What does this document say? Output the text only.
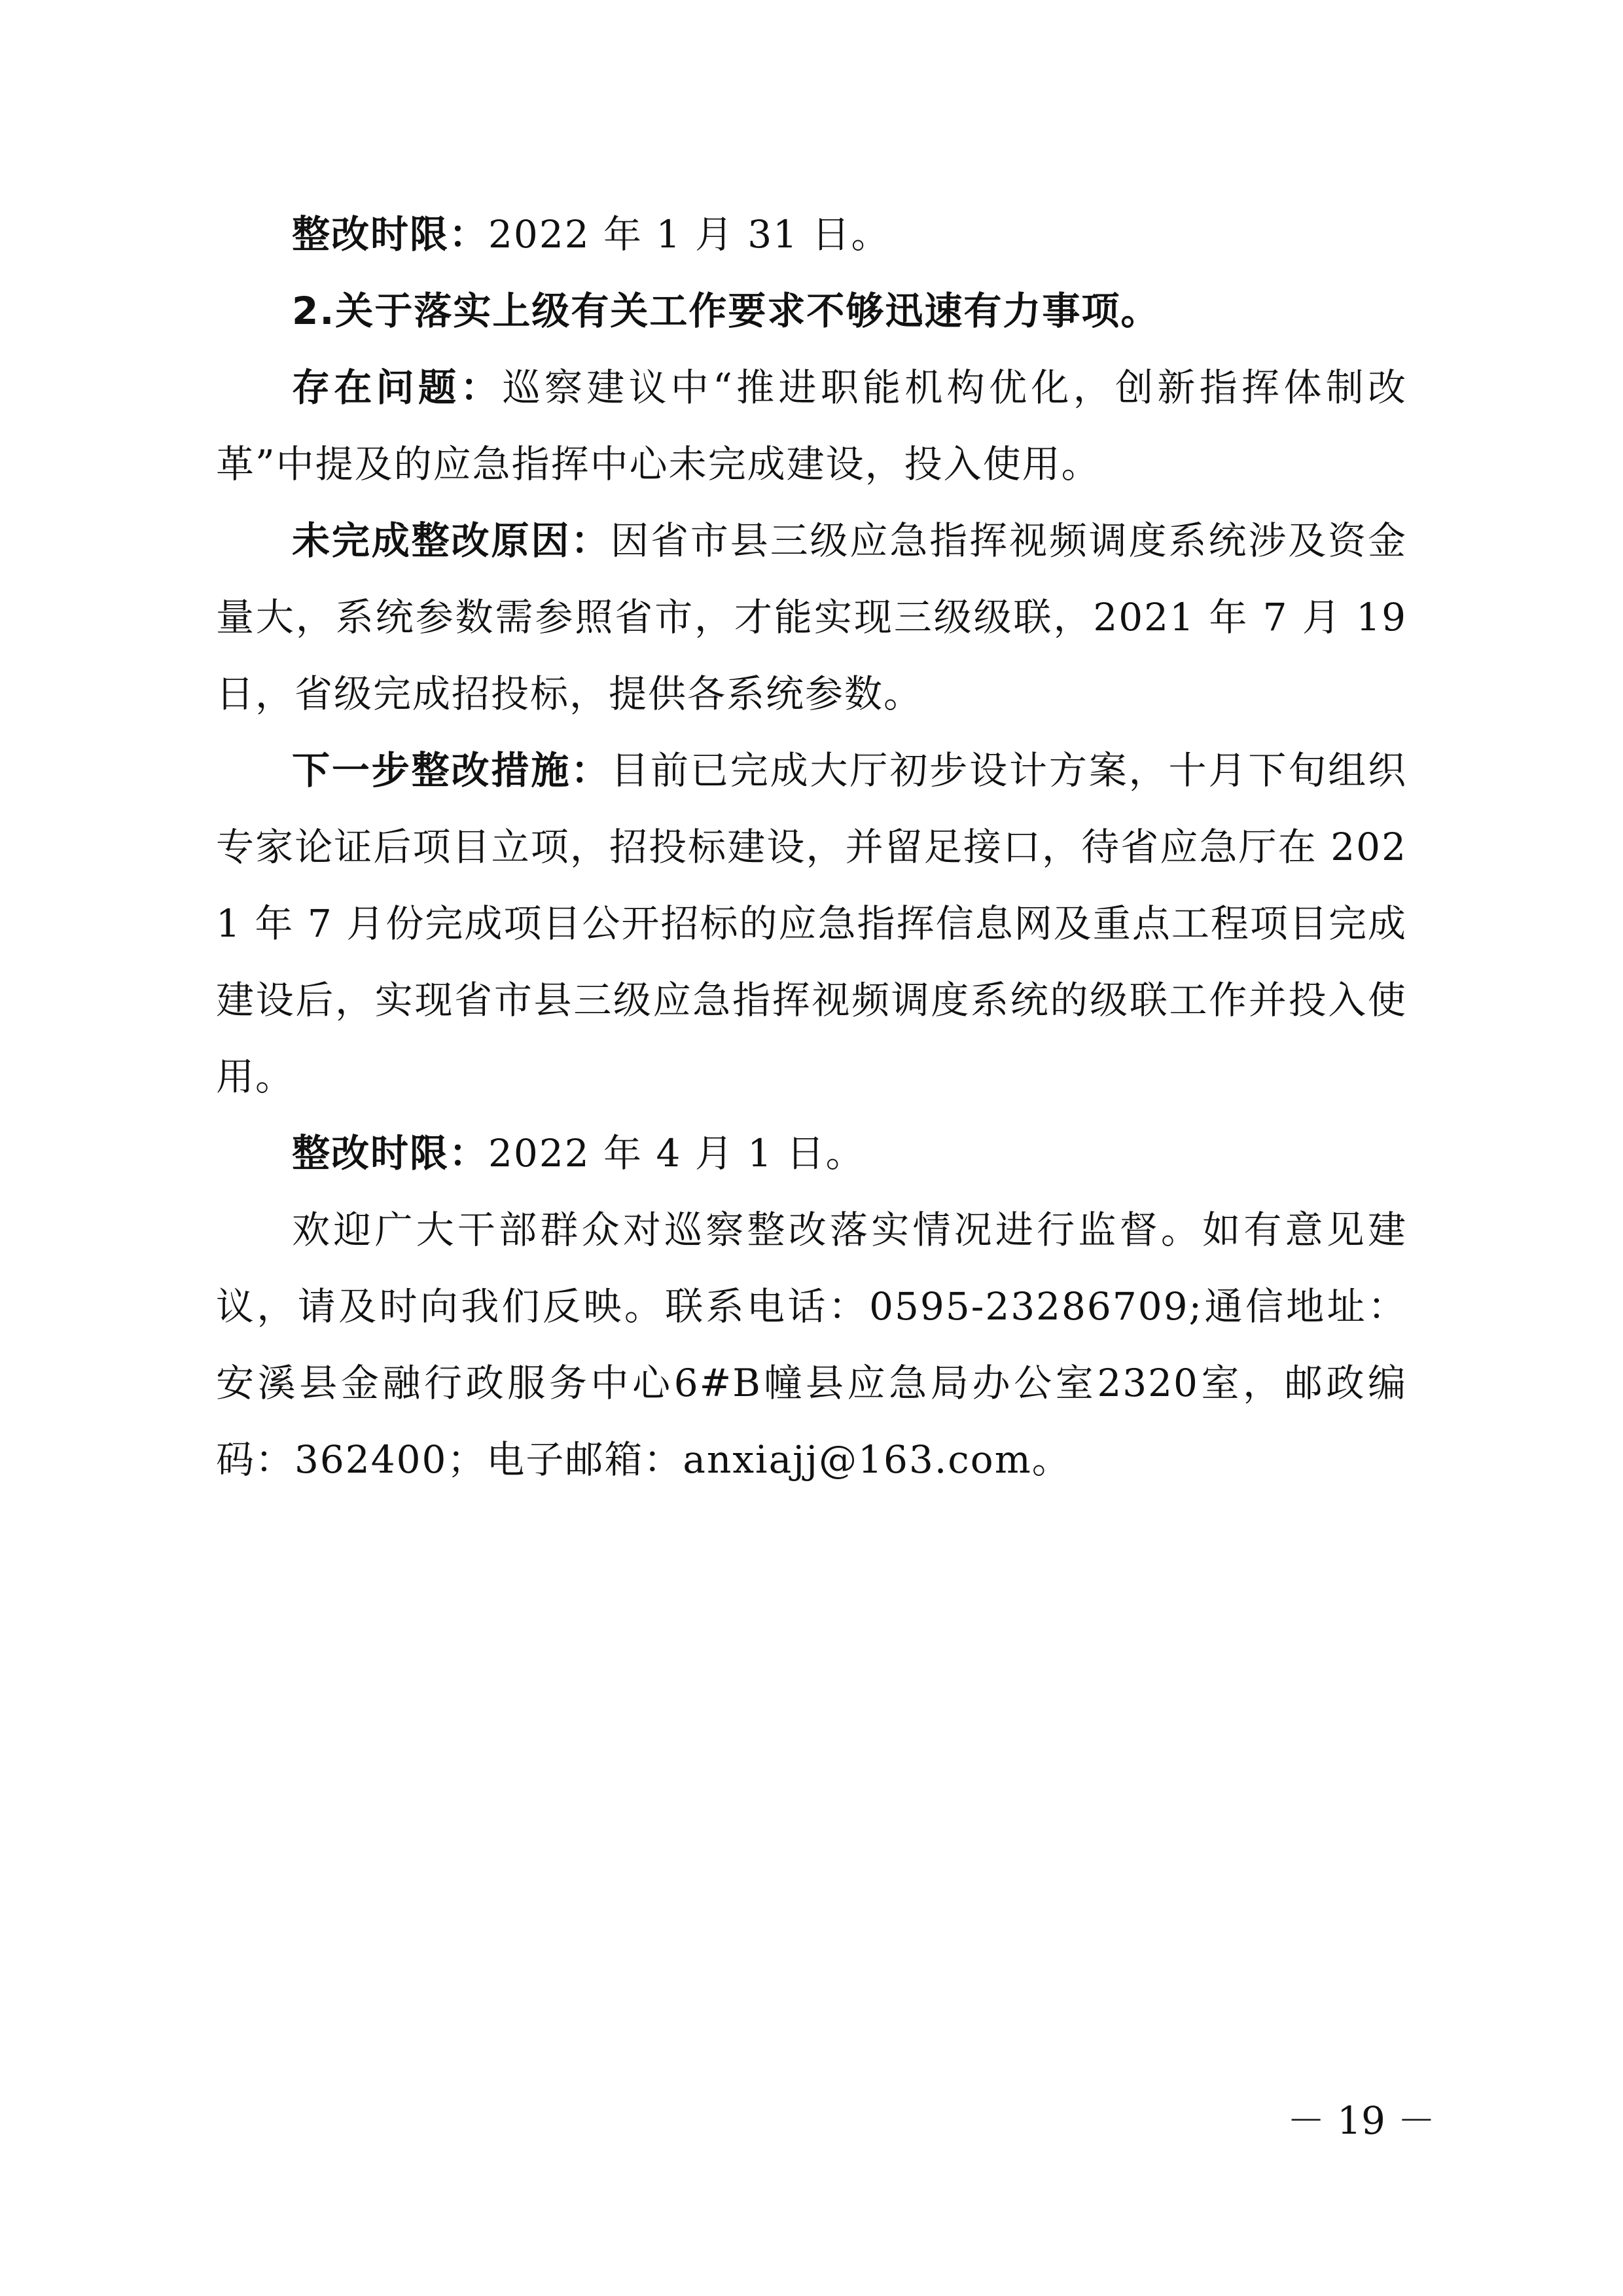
整改时限：2022 年 1 月 31 日。

2.关于落实上级有关工作要求不够迅速有力事项。

存在问题：巡察建议中“推进职能机构优化，创新指挥体制改革”中提及的应急指挥中心未完成建设，投入使用。

未完成整改原因：因省市县三级应急指挥视频调度系统涉及资金量大，系统参数需参照省市，才能实现三级级联，2021 年 7 月 19 日，省级完成招投标，提供各系统参数。

下一步整改措施：目前已完成大厅初步设计方案，十月下旬组织专家论证后项目立项，招投标建设，并留足接口，待省应急厅在 2021 年 7 月份完成项目公开招标的应急指挥信息网及重点工程项目完成建设后，实现省市县三级应急指挥视频调度系统的级联工作并投入使用。

整改时限：2022 年 4 月 1 日。

欢迎广大干部群众对巡察整改落实情况进行监督。如有意见建议，请及时向我们反映。联系电话：0595-23286709;通信地址：安溪县金融行政服务中心6#B幢县应急局办公室2320室，邮政编码：362400；电子邮箱：anxiajj@163.com。

－ 19 －
